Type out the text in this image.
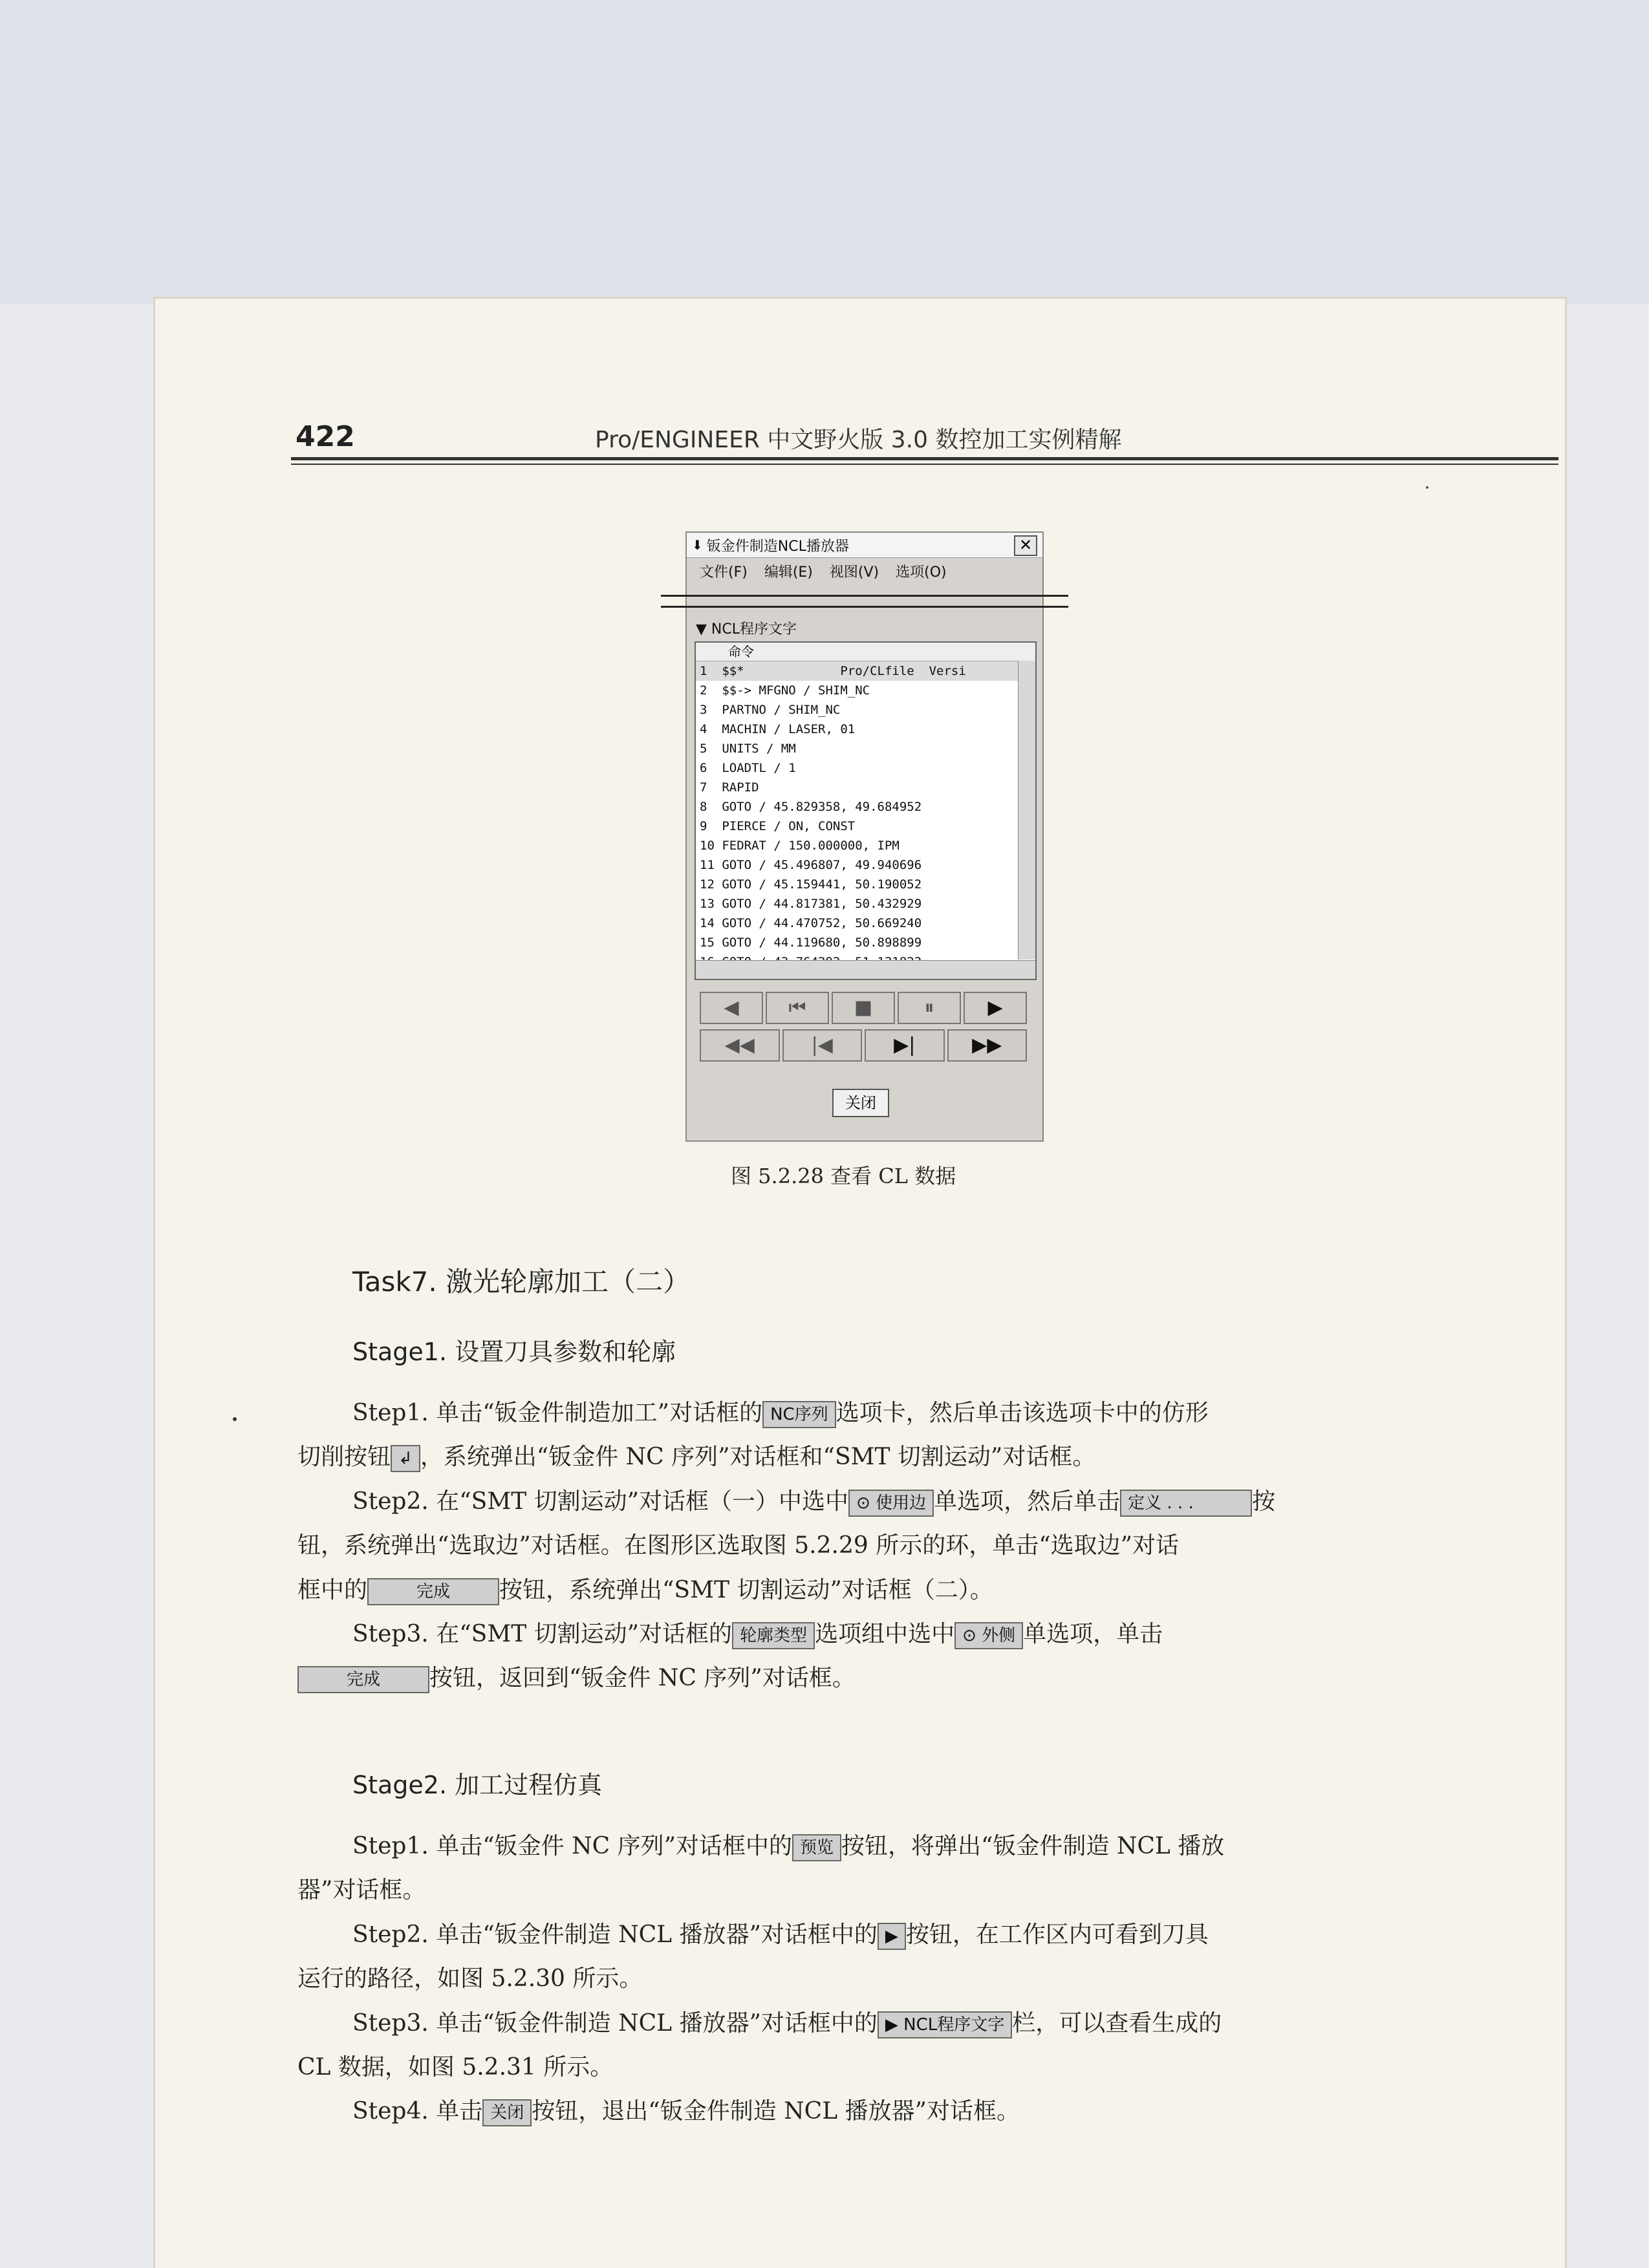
422	Pro/ENGINEER 中文野火版 3.0 数控加工实例精解
⬇ 钣金件制造NCL播放器	✕
文件(F) 编辑(E) 视图(V) 选项(O)
▼ NCL程序文字
命令
1  $$*             Pro/CLfile  Versi
2  $$-> MFGNO / SHIM_NC
3  PARTNO / SHIM_NC
4  MACHIN / LASER, 01
5  UNITS / MM
6  LOADTL / 1
7  RAPID
8  GOTO / 45.829358, 49.684952
9  PIERCE / ON, CONST
10 FEDRAT / 150.000000, IPM
11 GOTO / 45.496807, 49.940696
12 GOTO / 45.159441, 50.190052
13 GOTO / 44.817381, 50.432929
14 GOTO / 44.470752, 50.669240
15 GOTO / 44.119680, 50.898899
◀	⏮	■	⏸	▶
◀◀	|◀	▶|	▶▶
关闭
图 5.2.28 查看 CL 数据
Task7. 激光轮廓加工（二）
Stage1. 设置刀具参数和轮廓
Step1. 单击“钣金件制造加工”对话框的 NC序列 选项卡，然后单击该选项卡中的仿形
切削按钮 ↲ ，系统弹出“钣金件 NC 序列”对话框和“SMT 切割运动”对话框。
Step2. 在“SMT 切割运动”对话框（一）中选中 ⊙ 使用边 单选项，然后单击 定义 . . .	按
钮，系统弹出“选取边”对话框。在图形区选取图 5.2.29 所示的环，单击“选取边”对话
框中的	完成 按钮，系统弹出“SMT 切割运动”对话框（二）。
Step3. 在“SMT 切割运动”对话框的 轮廓类型 选项组中选中 ⊙ 外侧 单选项，单击
完成 按钮，返回到“钣金件 NC 序列”对话框。
Stage2. 加工过程仿真
Step1. 单击“钣金件 NC 序列”对话框中的 预览 按钮，将弹出“钣金件制造 NCL 播放
器”对话框。
Step2. 单击“钣金件制造 NCL 播放器”对话框中的 ▶ 按钮，在工作区内可看到刀具
运行的路径，如图 5.2.30 所示。
Step3. 单击“钣金件制造 NCL 播放器”对话框中的 ▶ NCL程序文字 栏，可以查看生成的
CL 数据，如图 5.2.31 所示。
Step4. 单击 关闭 按钮，退出“钣金件制造 NCL 播放器”对话框。
